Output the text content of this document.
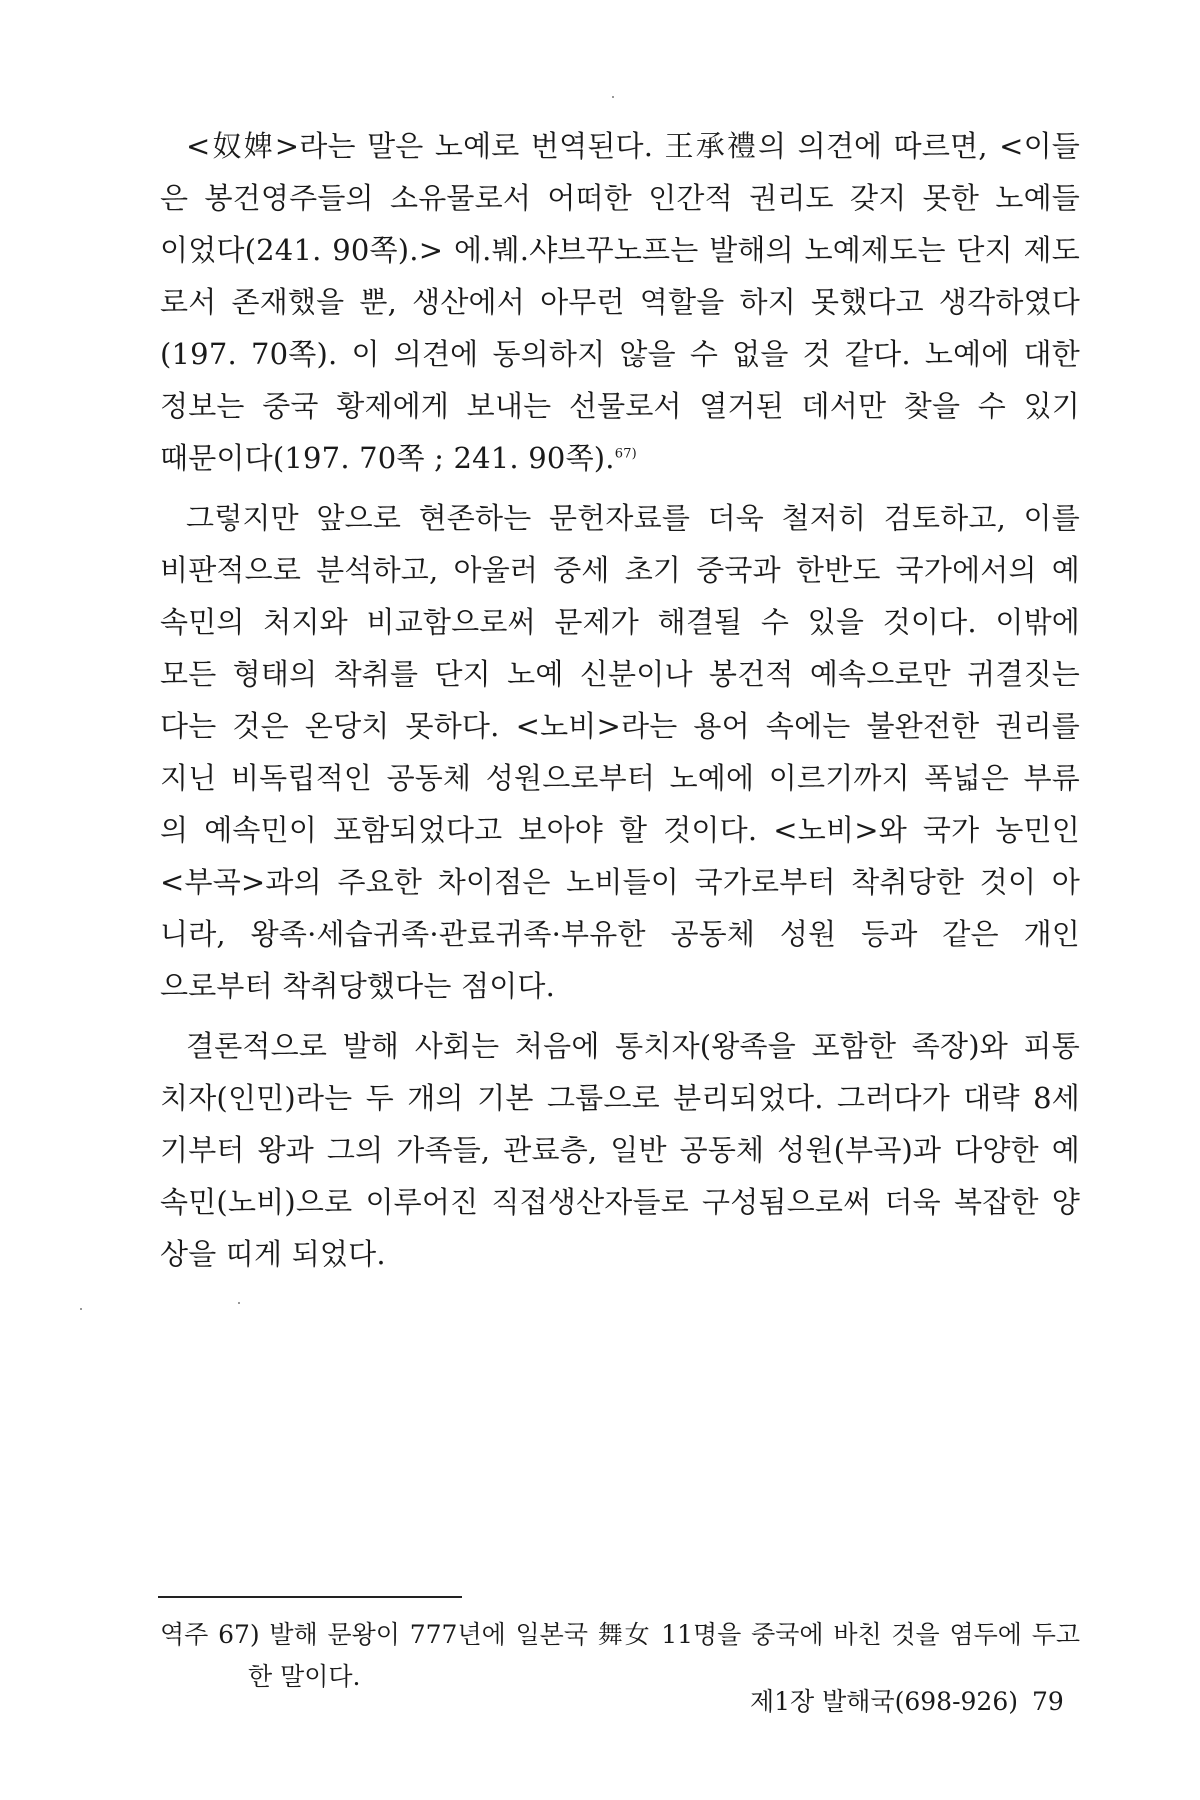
<奴婢>라는 말은 노예로 번역된다. 王承禮의 의견에 따르면, <이들
은 봉건영주들의 소유물로서 어떠한 인간적 권리도 갖지 못한 노예들
이었다(241. 90쪽).> 에.붸.샤브꾸노프는 발해의 노예제도는 단지 제도
로서 존재했을 뿐, 생산에서 아무런 역할을 하지 못했다고 생각하였다
(197. 70쪽). 이 의견에 동의하지 않을 수 없을 것 같다. 노예에 대한
정보는 중국 황제에게 보내는 선물로서 열거된 데서만 찾을 수 있기
때문이다(197. 70쪽 ; 241. 90쪽).$^{67)}$
그렇지만 앞으로 현존하는 문헌자료를 더욱 철저히 검토하고, 이를
비판적으로 분석하고, 아울러 중세 초기 중국과 한반도 국가에서의 예
속민의 처지와 비교함으로써 문제가 해결될 수 있을 것이다. 이밖에
모든 형태의 착취를 단지 노예 신분이나 봉건적 예속으로만 귀결짓는
다는 것은 온당치 못하다. <노비>라는 용어 속에는 불완전한 권리를
지닌 비독립적인 공동체 성원으로부터 노예에 이르기까지 폭넓은 부류
의 예속민이 포함되었다고 보아야 할 것이다. <노비>와 국가 농민인
<부곡>과의 주요한 차이점은 노비들이 국가로부터 착취당한 것이 아
니라, 왕족·세습귀족·관료귀족·부유한 공동체 성원 등과 같은 개인
으로부터 착취당했다는 점이다.
결론적으로 발해 사회는 처음에 통치자(왕족을 포함한 족장)와 피통
치자(인민)라는 두 개의 기본 그룹으로 분리되었다. 그러다가 대략 8세
기부터 왕과 그의 가족들, 관료층, 일반 공동체 성원(부곡)과 다양한 예
속민(노비)으로 이루어진 직접생산자들로 구성됨으로써 더욱 복잡한 양
상을 띠게 되었다.
역주 67) 발해 문왕이 777년에 일본국 舞女 11명을 중국에 바친 것을 염두에 두고
한 말이다.
제1장 발해국(698-926) 79
